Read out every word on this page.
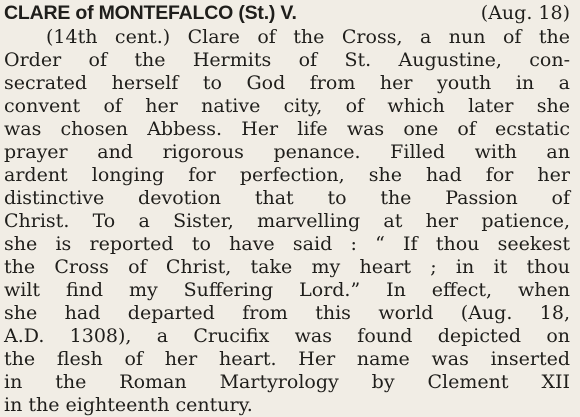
CLARE of MONTEFALCO (St.) V.	(Aug. 18)
(14th cent.) Clare of the Cross, a nun of the
Order of the Hermits of St. Augustine, con-
secrated herself to God from her youth in a
convent of her native city, of which later she
was chosen Abbess. Her life was one of ecstatic
prayer and rigorous penance. Filled with an
ardent longing for perfection, she had for her
distinctive devotion that to the Passion of
Christ. To a Sister, marvelling at her patience,
she is reported to have said : “ If thou seekest
the Cross of Christ, take my heart ; in it thou
wilt find my Suffering Lord.” In effect, when
she had departed from this world (Aug. 18,
A.D. 1308), a Crucifix was found depicted on
the flesh of her heart. Her name was inserted
in the Roman Martyrology by Clement XII
in the eighteenth century.
